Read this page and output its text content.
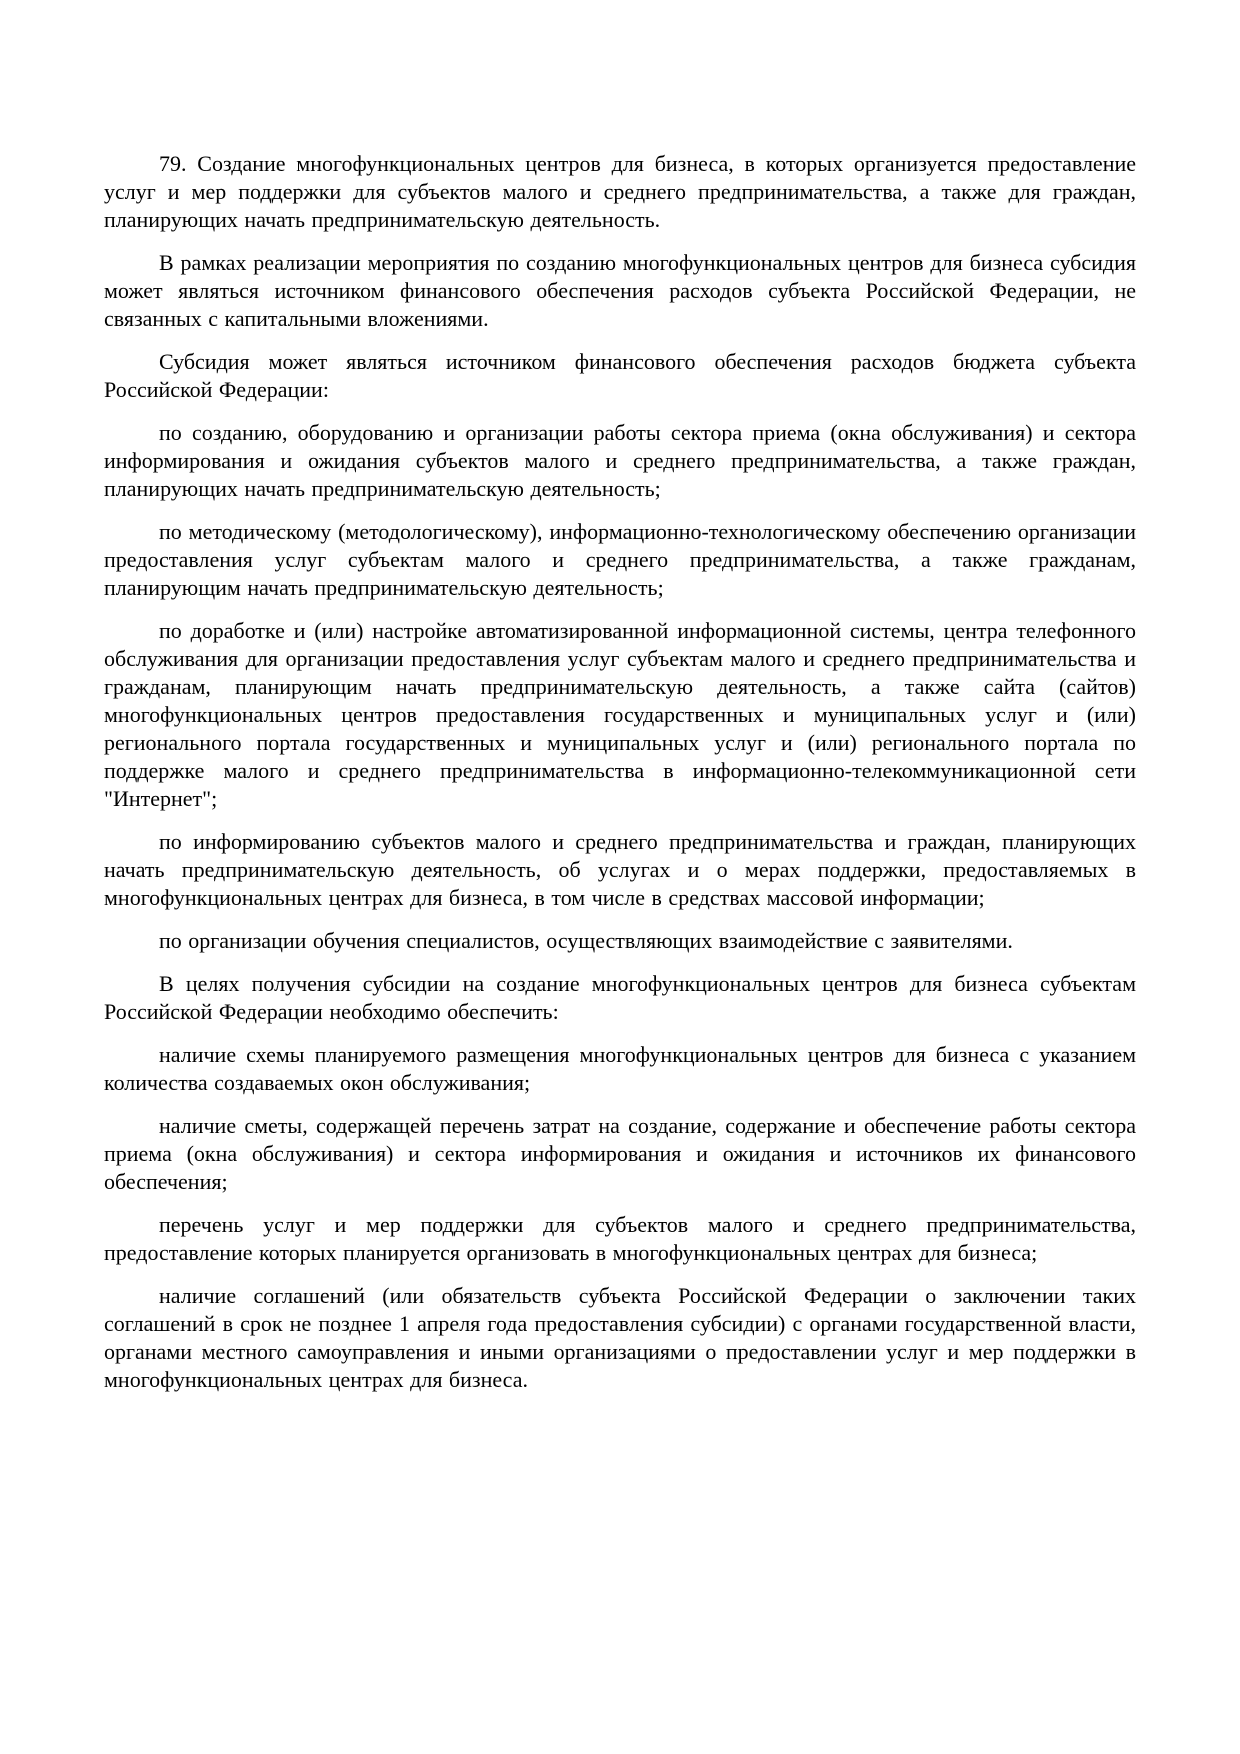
79. Создание многофункциональных центров для бизнеса, в которых организуется предоставление услуг и мер поддержки для субъектов малого и среднего предпринимательства, а также для граждан, планирующих начать предпринимательскую деятельность.

В рамках реализации мероприятия по созданию многофункциональных центров для бизнеса субсидия может являться источником финансового обеспечения расходов субъекта Российской Федерации, не связанных с капитальными вложениями.

Субсидия может являться источником финансового обеспечения расходов бюджета субъекта Российской Федерации:

по созданию, оборудованию и организации работы сектора приема (окна обслуживания) и сектора информирования и ожидания субъектов малого и среднего предпринимательства, а также граждан, планирующих начать предпринимательскую деятельность;

по методическому (методологическому), информационно-технологическому обеспечению организации предоставления услуг субъектам малого и среднего предпринимательства, а также гражданам, планирующим начать предпринимательскую деятельность;

по доработке и (или) настройке автоматизированной информационной системы, центра телефонного обслуживания для организации предоставления услуг субъектам малого и среднего предпринимательства и гражданам, планирующим начать предпринимательскую деятельность, а также сайта (сайтов) многофункциональных центров предоставления государственных и муниципальных услуг и (или) регионального портала государственных и муниципальных услуг и (или) регионального портала по поддержке малого и среднего предпринимательства в информационно-телекоммуникационной сети "Интернет";

по информированию субъектов малого и среднего предпринимательства и граждан, планирующих начать предпринимательскую деятельность, об услугах и о мерах поддержки, предоставляемых в многофункциональных центрах для бизнеса, в том числе в средствах массовой информации;

по организации обучения специалистов, осуществляющих взаимодействие с заявителями.

В целях получения субсидии на создание многофункциональных центров для бизнеса субъектам Российской Федерации необходимо обеспечить:

наличие схемы планируемого размещения многофункциональных центров для бизнеса с указанием количества создаваемых окон обслуживания;

наличие сметы, содержащей перечень затрат на создание, содержание и обеспечение работы сектора приема (окна обслуживания) и сектора информирования и ожидания и источников их финансового обеспечения;

перечень услуг и мер поддержки для субъектов малого и среднего предпринимательства, предоставление которых планируется организовать в многофункциональных центрах для бизнеса;

наличие соглашений (или обязательств субъекта Российской Федерации о заключении таких соглашений в срок не позднее 1 апреля года предоставления субсидии) с органами государственной власти, органами местного самоуправления и иными организациями о предоставлении услуг и мер поддержки в многофункциональных центрах для бизнеса.
